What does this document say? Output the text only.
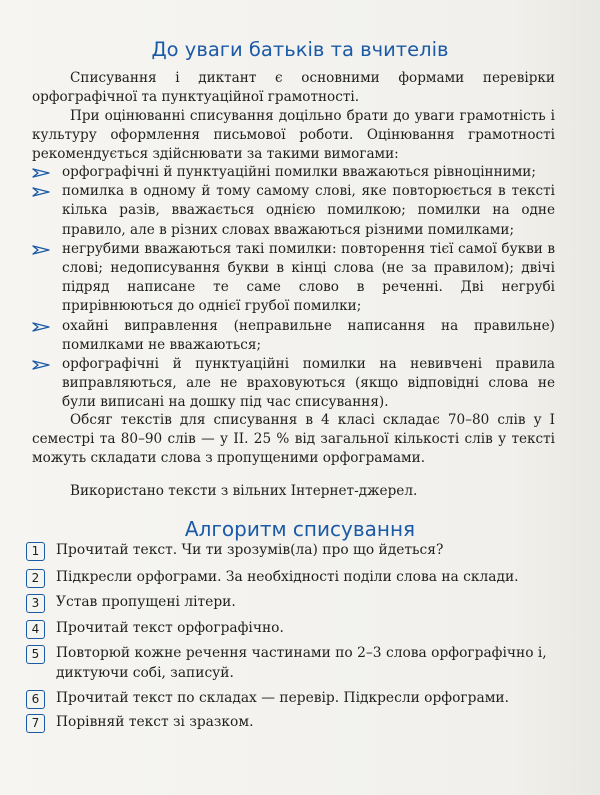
До уваги батьків та вчителів

Списування і диктант є основними формами перевірки орфографічної та пунктуаційної грамотності.

При оцінюванні списування доцільно брати до уваги грамотність і культуру оформлення письмової роботи. Оцінювання грамотності рекомендується здійснювати за такими вимогами:

орфографічні й пунктуаційні помилки вважаються рівноцінними;
помилка в одному й тому самому слові, яке повторюється в тексті кілька разів, вважається однією помилкою; помилки на одне правило, але в різних словах вважаються різними помилками;
негрубими вважаються такі помилки: повторення тієї самої букви в слові; недописування букви в кінці слова (не за правилом); двічі підряд написане те саме слово в реченні. Дві негрубі прирівнюються до однієї грубої помилки;
охайні виправлення (неправильне написання на правильне) помилками не вважаються;
орфографічні й пунктуаційні помилки на невивчені правила виправляються, але не враховуються (якщо відповідні слова не були виписані на дошку під час списування).

Обсяг текстів для списування в 4 класі складає 70–80 слів у I семестрі та 80–90 слів — у II. 25 % від загальної кількості слів у тексті можуть складати слова з пропущеними орфограмами.

Використано тексти з вільних Інтернет-джерел.

Алгоритм списування
1	Прочитай текст. Чи ти зрозумів(ла) про що йдеться?
2	Підкресли орфограми. За необхідності поділи слова на склади.
3	Устав пропущені літери.
4	Прочитай текст орфографічно.
5	Повторюй кожне речення частинами по 2–3 слова орфографічно і, диктуючи собі, записуй.
6	Прочитай текст по складах — перевір. Підкресли орфограми.
7	Порівняй текст зі зразком.
